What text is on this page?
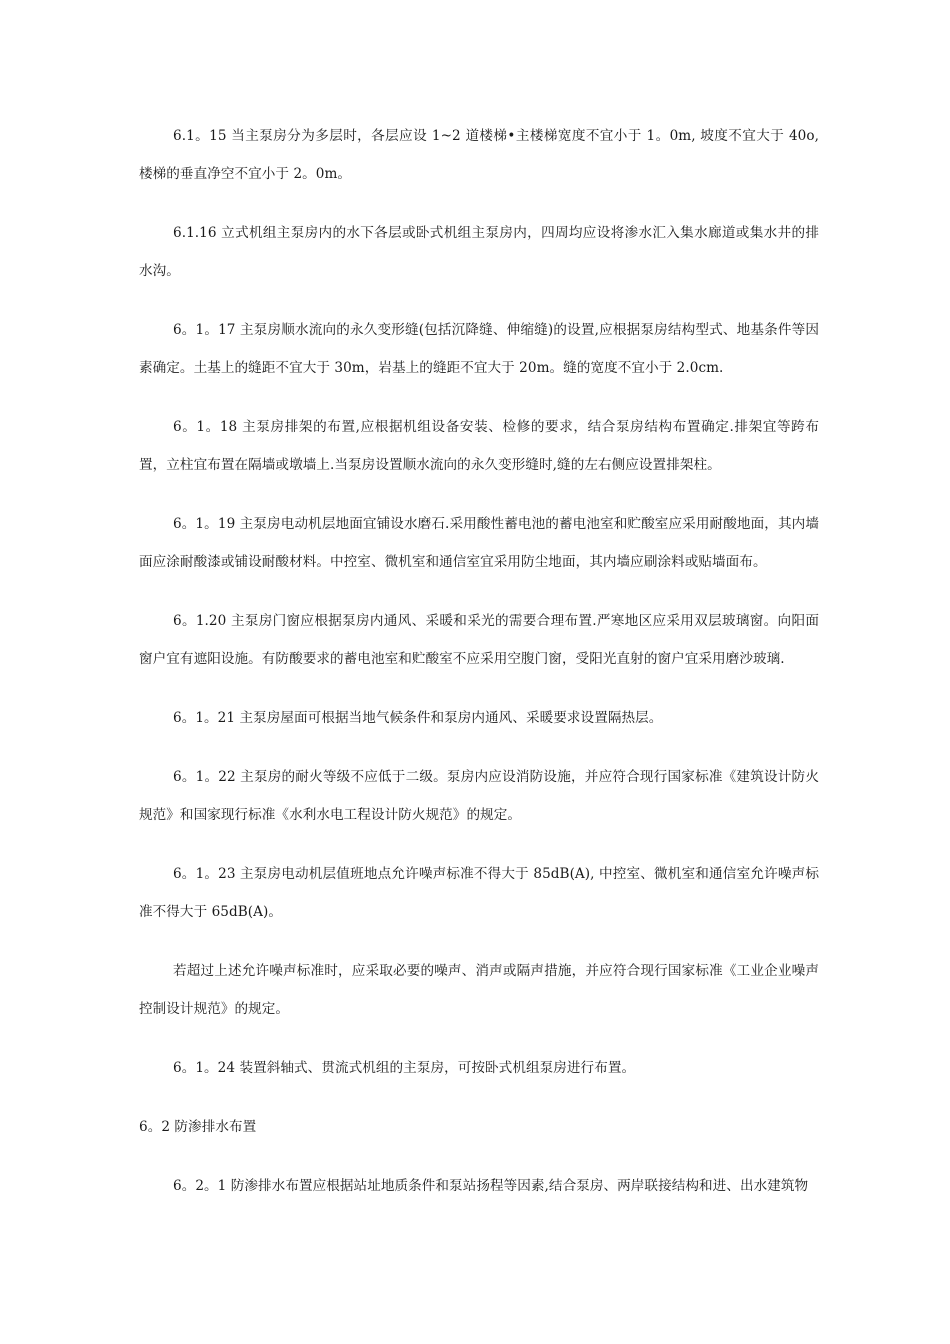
6.1。15 当主泵房分为多层时，各层应设 1~2 道楼梯•主楼梯宽度不宜小于 1。0m, 坡度不宜大于 40o, 楼梯的垂直净空不宜小于 2。0m。

6.1.16 立式机组主泵房内的水下各层或卧式机组主泵房内，四周均应设将渗水汇入集水廊道或集水井的排水沟。

6。1。17 主泵房顺水流向的永久变形缝(包括沉降缝、伸缩缝)的设置,应根据泵房结构型式、地基条件等因素确定。土基上的缝距不宜大于 30m，岩基上的缝距不宜大于 20m。缝的宽度不宜小于 2.0cm.

6。1。18 主泵房排架的布置,应根据机组设备安装、检修的要求，结合泵房结构布置确定.排架宜等跨布置，立柱宜布置在隔墙或墩墙上.当泵房设置顺水流向的永久变形缝时,缝的左右侧应设置排架柱。

6。1。19 主泵房电动机层地面宜铺设水磨石.采用酸性蓄电池的蓄电池室和贮酸室应采用耐酸地面，其内墙面应涂耐酸漆或铺设耐酸材料。中控室、微机室和通信室宜采用防尘地面，其内墙应刷涂料或贴墙面布。

6。1.20 主泵房门窗应根据泵房内通风、采暖和采光的需要合理布置.严寒地区应采用双层玻璃窗。向阳面窗户宜有遮阳设施。有防酸要求的蓄电池室和贮酸室不应采用空腹门窗，受阳光直射的窗户宜采用磨沙玻璃.

6。1。21 主泵房屋面可根据当地气候条件和泵房内通风、采暖要求设置隔热层。

6。1。22 主泵房的耐火等级不应低于二级。泵房内应设消防设施，并应符合现行国家标准《建筑设计防火规范》和国家现行标准《水利水电工程设计防火规范》的规定。

6。1。23 主泵房电动机层值班地点允许噪声标准不得大于 85dB(A), 中控室、微机室和通信室允许噪声标准不得大于 65dB(A)。

若超过上述允许噪声标准时，应采取必要的噪声、消声或隔声措施，并应符合现行国家标准《工业企业噪声控制设计规范》的规定。

6。1。24 装置斜轴式、贯流式机组的主泵房，可按卧式机组泵房进行布置。

6。2 防渗排水布置

6。2。1 防渗排水布置应根据站址地质条件和泵站扬程等因素,结合泵房、两岸联接结构和进、出水建筑物
